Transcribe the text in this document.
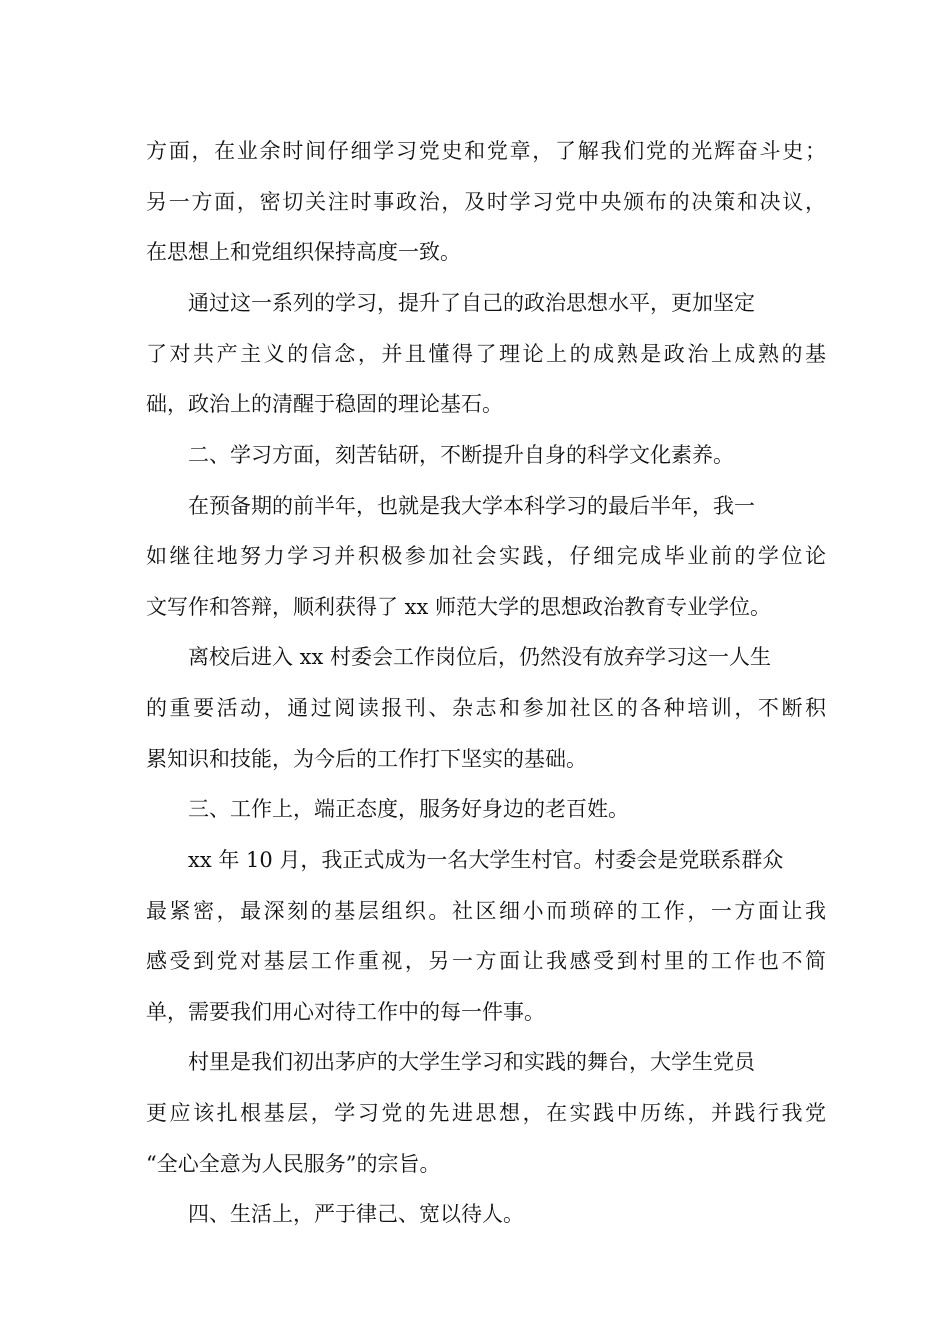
方面，在业余时间仔细学习党史和党章，了解我们党的光辉奋斗史；
另一方面，密切关注时事政治，及时学习党中央颁布的决策和决议，
在思想上和党组织保持高度一致。
通过这一系列的学习，提升了自己的政治思想水平，更加坚定
了对共产主义的信念，并且懂得了理论上的成熟是政治上成熟的基
础，政治上的清醒于稳固的理论基石。
二、学习方面，刻苦钻研，不断提升自身的科学文化素养。
在预备期的前半年，也就是我大学本科学习的最后半年，我一
如继往地努力学习并积极参加社会实践，仔细完成毕业前的学位论
文写作和答辩，顺利获得了 xx 师范大学的思想政治教育专业学位。
离校后进入 xx 村委会工作岗位后，仍然没有放弃学习这一人生
的重要活动，通过阅读报刊、杂志和参加社区的各种培训，不断积
累知识和技能，为今后的工作打下坚实的基础。
三、工作上，端正态度，服务好身边的老百姓。
xx 年 10 月，我正式成为一名大学生村官。村委会是党联系群众
最紧密，最深刻的基层组织。社区细小而琐碎的工作，一方面让我
感受到党对基层工作重视，另一方面让我感受到村里的工作也不简
单，需要我们用心对待工作中的每一件事。
村里是我们初出茅庐的大学生学习和实践的舞台，大学生党员
更应该扎根基层，学习党的先进思想，在实践中历练，并践行我党
“全心全意为人民服务”的宗旨。
四、生活上，严于律己、宽以待人。
